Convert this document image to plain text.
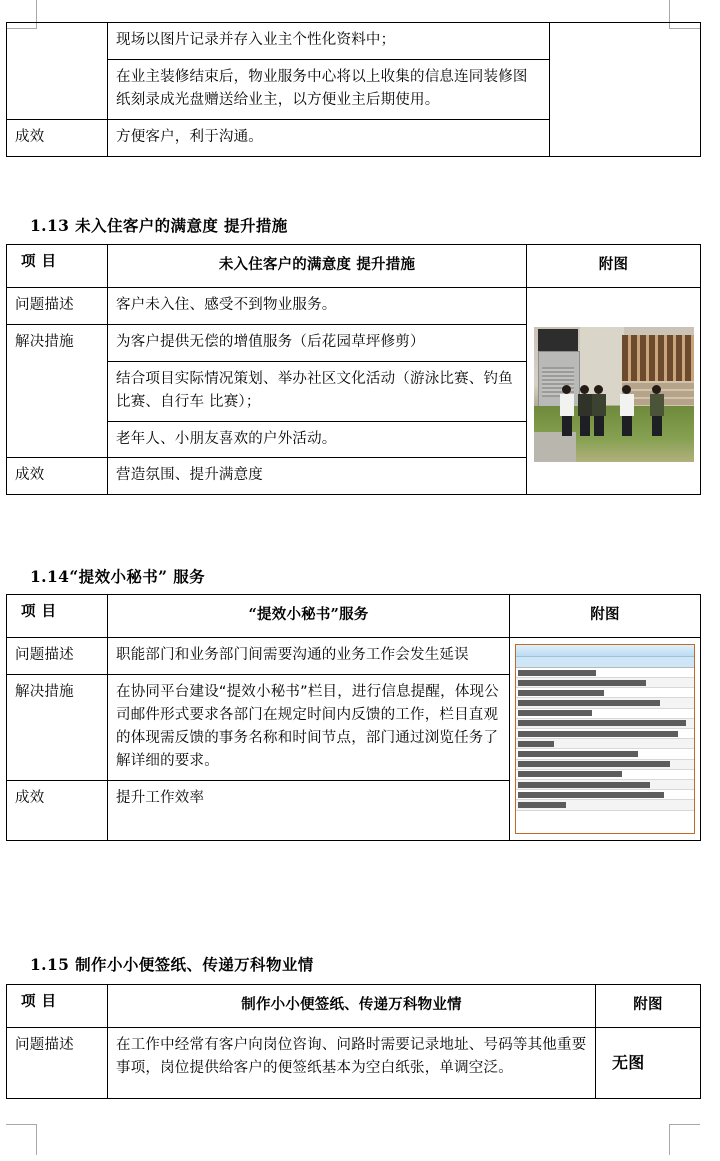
	现场以图片记录并存入业主个性化资料中；	
	在业主装修结束后，物业服务中心将以上收集的信息连同装修图纸刻录成光盘赠送给业主，以方便业主后期使用。	
成效	方便客户，利于沟通。	
1.13 未入住客户的满意度 提升措施
项 目	未入住客户的满意度 提升措施	附图
问题描述	客户未入住、感受不到物业服务。	

解决措施	为客户提供无偿的增值服务（后花园草坪修剪）	
	结合项目实际情况策划、举办社区文化活动（游泳比赛、钓鱼比赛、自行车 比赛）；	
	老年人、小朋友喜欢的户外活动。	
成效	营造氛围、提升满意度	
1.14“提效小秘书” 服务
项 目	“提效小秘书”服务	附图
问题描述	职能部门和业务部门间需要沟通的业务工作会发生延误	

解决措施	在协同平台建设“提效小秘书”栏目，进行信息提醒，体现公司邮件形式要求各部门在规定时间内反馈的工作，栏目直观的体现需反馈的事务名称和时间节点，部门通过浏览任务了解详细的要求。	
成效	提升工作效率	
1.15 制作小小便签纸、传递万科物业情
项 目	制作小小便签纸、传递万科物业情	附图
问题描述	在工作中经常有客户向岗位咨询、问路时需要记录地址、号码等其他重要事项，岗位提供给客户的便签纸基本为空白纸张，单调空泛。	无图
